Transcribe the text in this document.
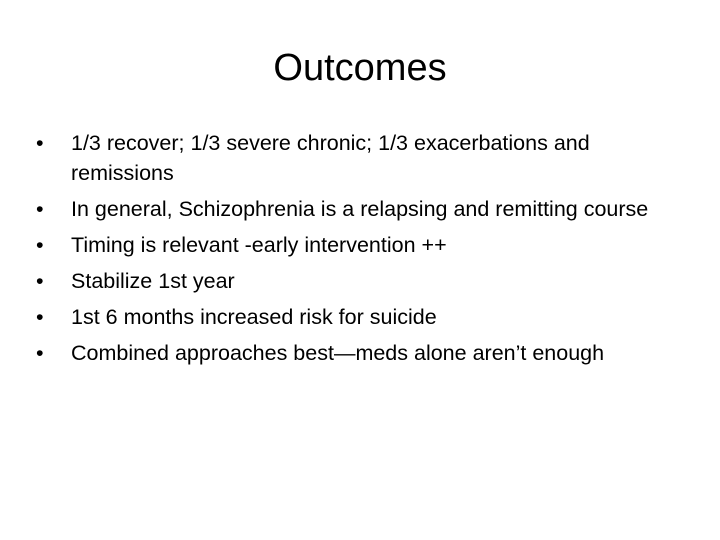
Outcomes
•	1/3 recover; 1/3 severe chronic; 1/3 exacerbations and remissions
•	In general, Schizophrenia is a relapsing and remitting course
•	Timing is relevant -early intervention ++
•	Stabilize 1st year
•	1st 6 months increased risk for suicide
•	Combined approaches best—meds alone aren’t enough
